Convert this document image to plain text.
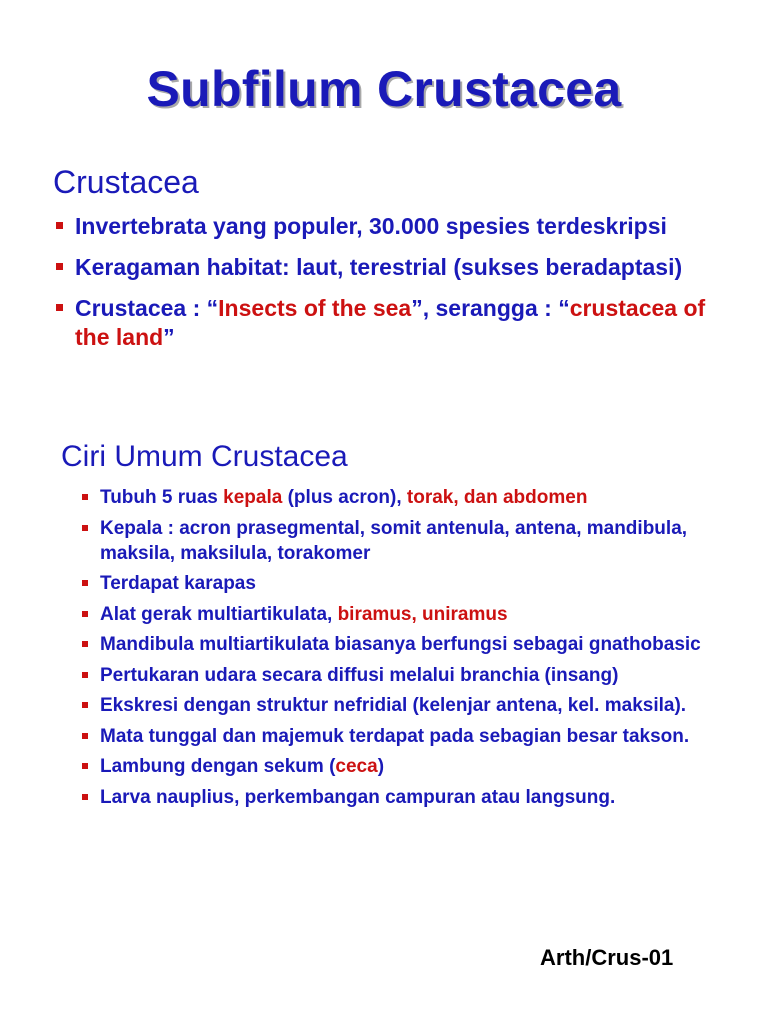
Subfilum Crustacea
Crustacea
Invertebrata yang populer, 30.000 spesies terdeskripsi
Keragaman habitat: laut, terestrial (sukses beradaptasi)
Crustacea : “Insects of the sea”, serangga : “crustacea of the land”
Ciri Umum Crustacea
Tubuh 5 ruas kepala (plus acron), torak, dan abdomen
Kepala : acron prasegmental, somit antenula, antena, mandibula, maksila, maksilula, torakomer
Terdapat karapas
Alat gerak multiartikulata, biramus, uniramus
Mandibula multiartikulata biasanya berfungsi sebagai gnathobasic
Pertukaran udara secara diffusi melalui branchia (insang)
Ekskresi dengan struktur nefridial (kelenjar antena, kel. maksila).
Mata tunggal dan majemuk terdapat pada sebagian besar takson.
Lambung dengan sekum (ceca)
Larva nauplius, perkembangan campuran atau langsung.
Arth/Crus-01
